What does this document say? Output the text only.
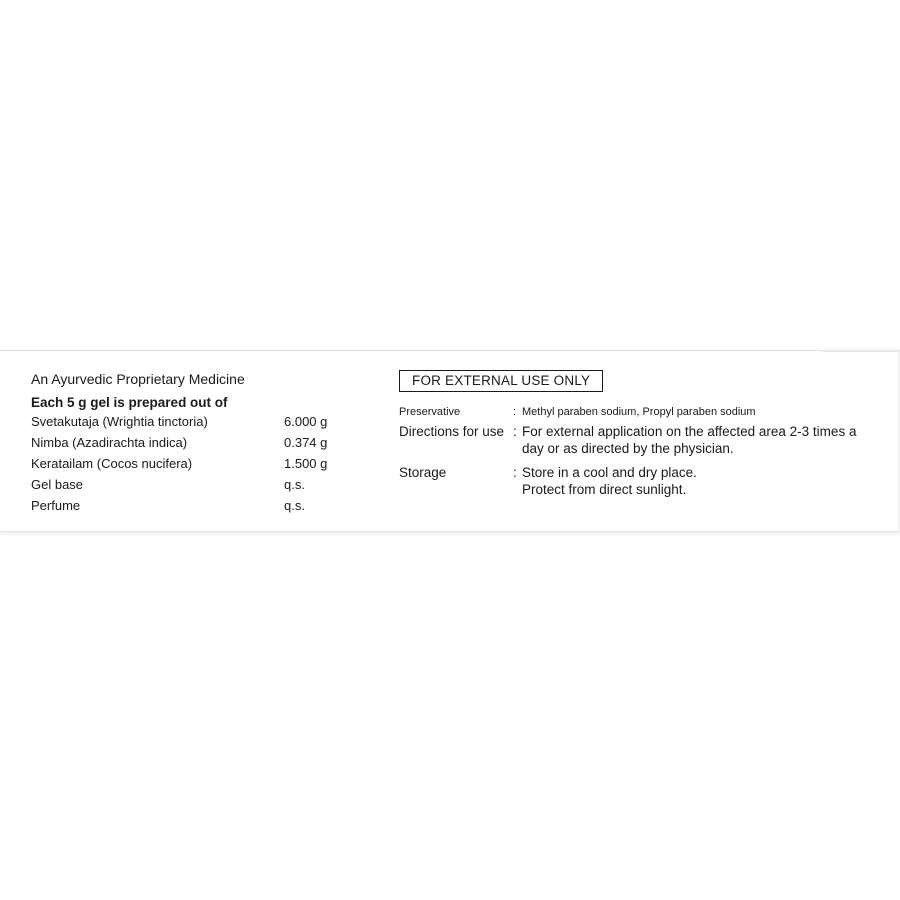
An Ayurvedic Proprietary Medicine
Each 5 g gel is prepared out of
Svetakutaja (Wrightia tinctoria)	6.000 g
Nimba (Azadirachta indica)	0.374 g
Keratailam (Cocos nucifera)	1.500 g
Gel base	q.s.
Perfume	q.s.
FOR EXTERNAL USE ONLY
Preservative	: Methyl paraben sodium, Propyl paraben sodium
Directions for use : For external application on the affected area 2-3 times a
day or as directed by the physician.
Storage	: Store in a cool and dry place.
Protect from direct sunlight.
